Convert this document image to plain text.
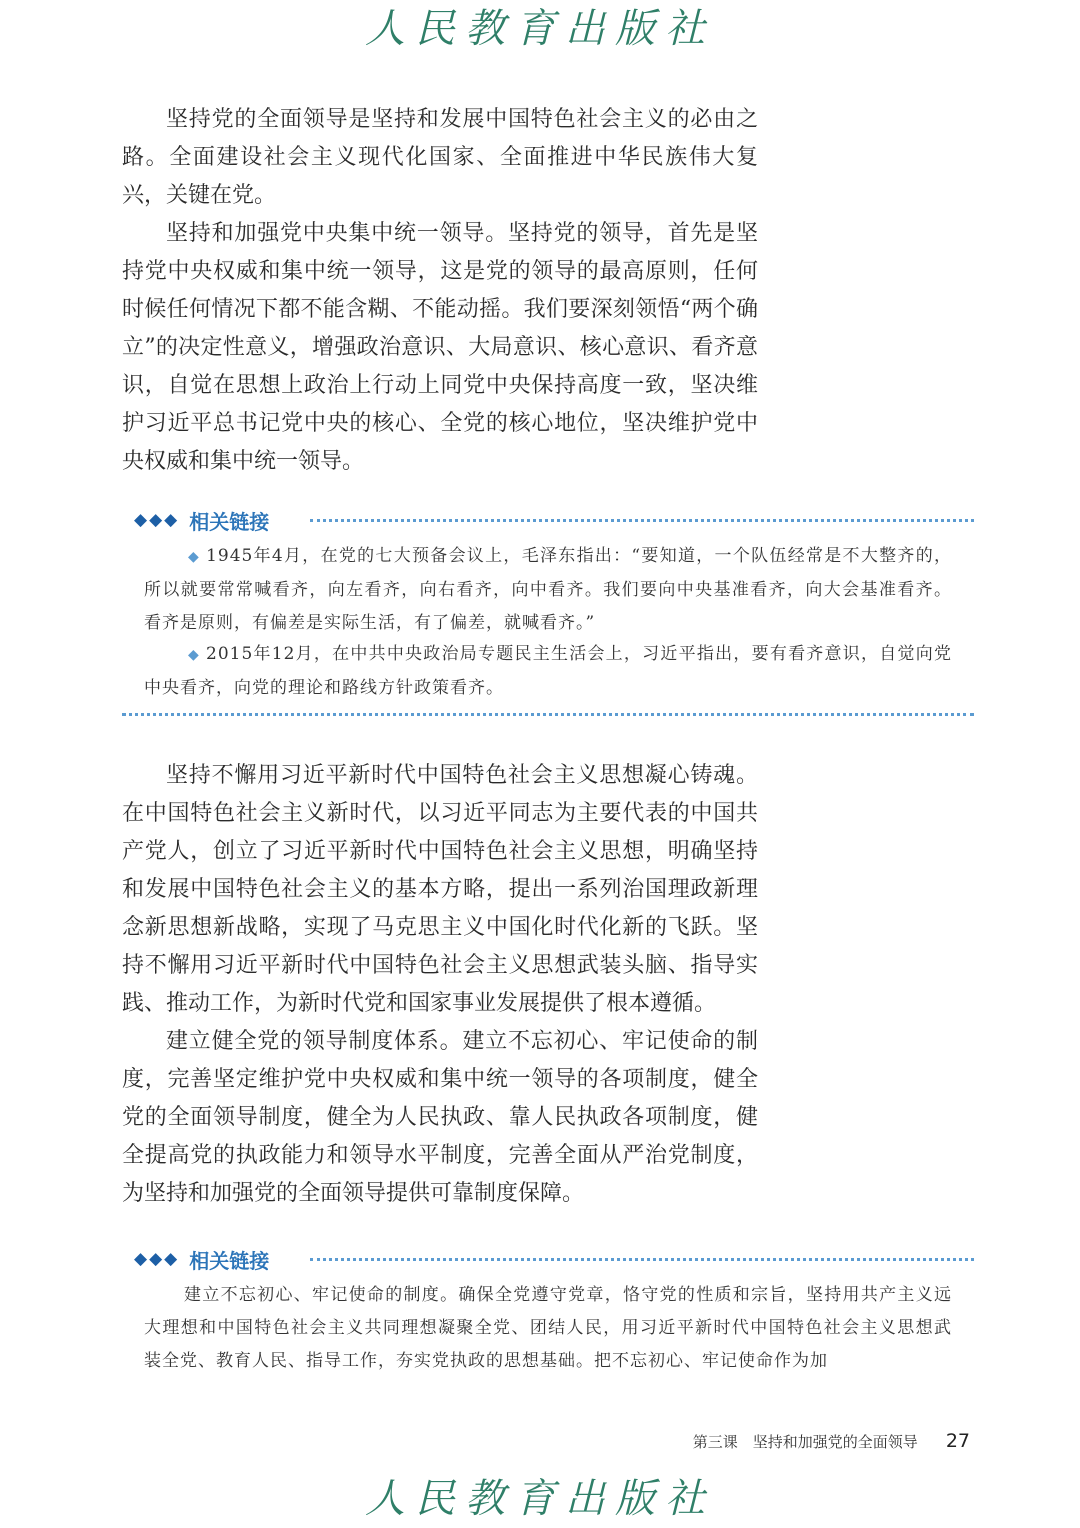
人民教育出版社

坚持党的全面领导是坚持和发展中国特色社会主义的必由之路。全面建设社会主义现代化国家、全面推进中华民族伟大复兴，关键在党。

坚持和加强党中央集中统一领导。坚持党的领导，首先是坚持党中央权威和集中统一领导，这是党的领导的最高原则，任何时候任何情况下都不能含糊、不能动摇。我们要深刻领悟“两个确立”的决定性意义，增强政治意识、大局意识、核心意识、看齐意识，自觉在思想上政治上行动上同党中央保持高度一致，坚决维护习近平总书记党中央的核心、全党的核心地位，坚决维护党中央权威和集中统一领导。

◆◆◆ 相关链接

◆ 1945年4月，在党的七大预备会议上，毛泽东指出：“要知道，一个队伍经常是不大整齐的，所以就要常常喊看齐，向左看齐，向右看齐，向中看齐。我们要向中央基准看齐，向大会基准看齐。看齐是原则，有偏差是实际生活，有了偏差，就喊看齐。”

◆ 2015年12月，在中共中央政治局专题民主生活会上，习近平指出，要有看齐意识，自觉向党中央看齐，向党的理论和路线方针政策看齐。

坚持不懈用习近平新时代中国特色社会主义思想凝心铸魂。在中国特色社会主义新时代，以习近平同志为主要代表的中国共产党人，创立了习近平新时代中国特色社会主义思想，明确坚持和发展中国特色社会主义的基本方略，提出一系列治国理政新理念新思想新战略，实现了马克思主义中国化时代化新的飞跃。坚持不懈用习近平新时代中国特色社会主义思想武装头脑、指导实践、推动工作，为新时代党和国家事业发展提供了根本遵循。

建立健全党的领导制度体系。建立不忘初心、牢记使命的制度，完善坚定维护党中央权威和集中统一领导的各项制度，健全党的全面领导制度，健全为人民执政、靠人民执政各项制度，健全提高党的执政能力和领导水平制度，完善全面从严治党制度，为坚持和加强党的全面领导提供可靠制度保障。

◆◆◆ 相关链接

建立不忘初心、牢记使命的制度。确保全党遵守党章，恪守党的性质和宗旨，坚持用共产主义远大理想和中国特色社会主义共同理想凝聚全党、团结人民，用习近平新时代中国特色社会主义思想武装全党、教育人民、指导工作，夯实党执政的思想基础。把不忘初心、牢记使命作为加

第三课　坚持和加强党的全面领导 27
人民教育出版社
